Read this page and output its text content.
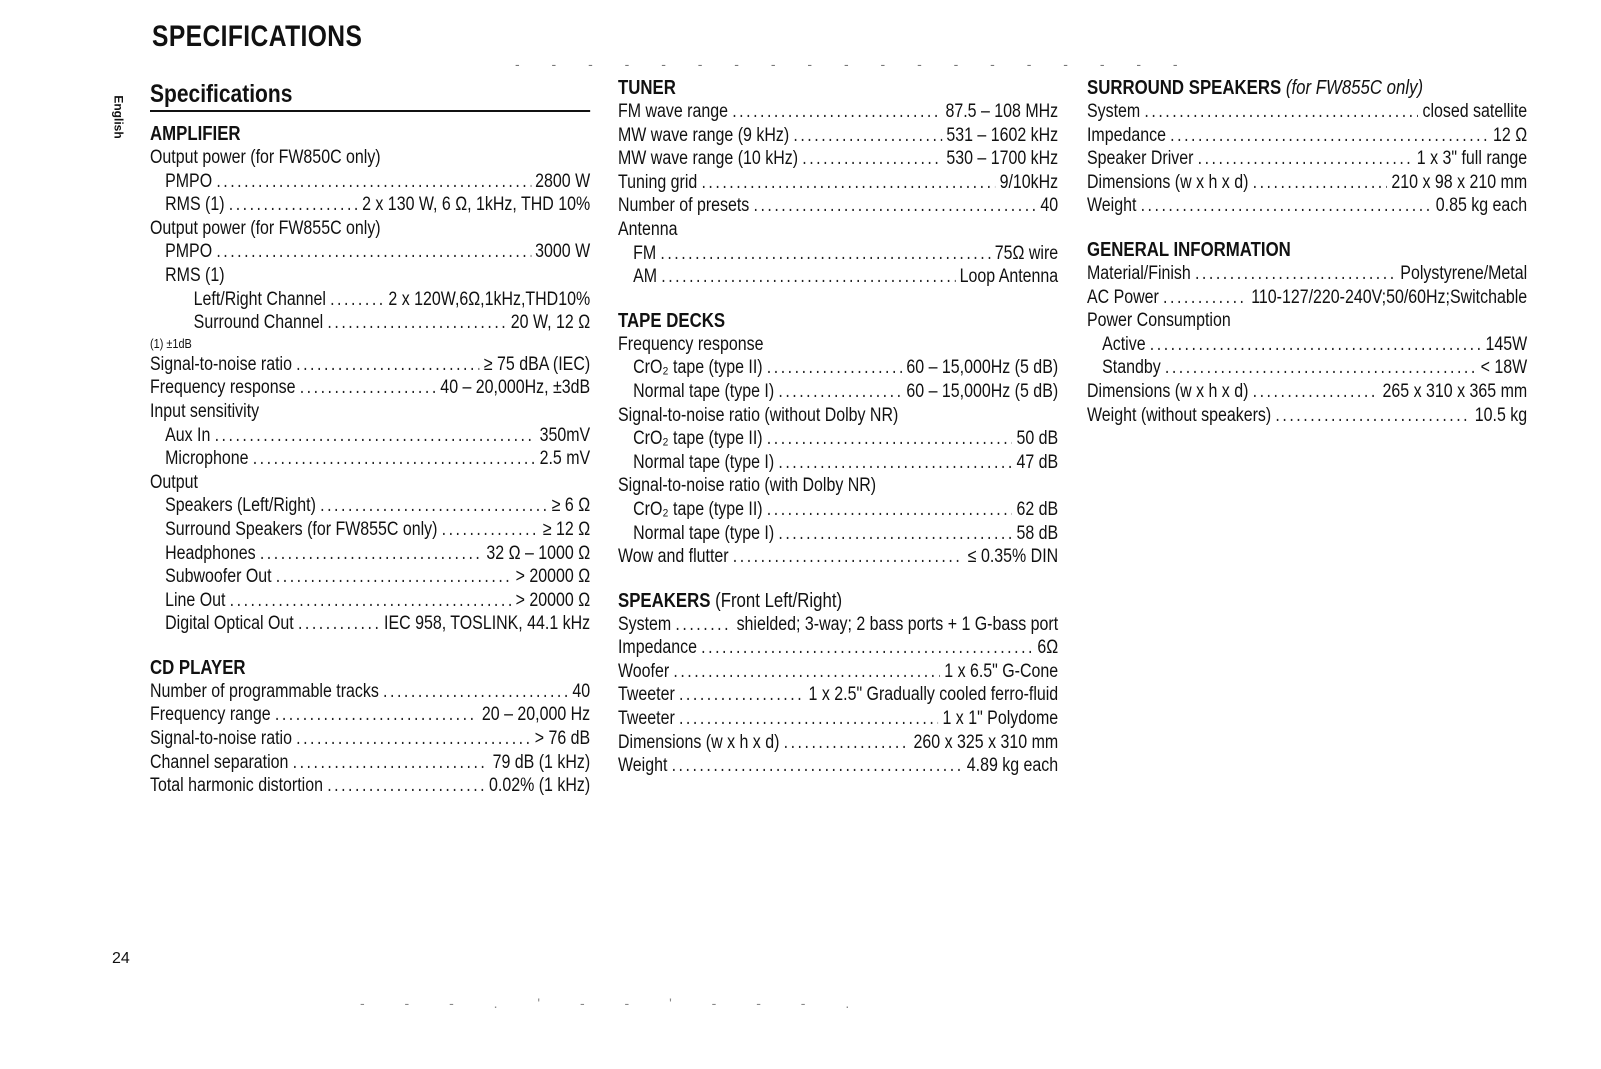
SPECIFICATIONS
- - - - - - - - - - - - - - - - - - -
English
Specifications
AMPLIFIER
Output power (for FW850C only)
PMPO .....	2800 W
RMS (1) .....	2 x 130 W, 6 Ω, 1kHz, THD 10%
Output power (for FW855C only)
PMPO .....	3000 W
RMS (1)
Left/Right Channel .....	2 x 120W,6Ω,1kHz,THD10%
Surround Channel .....	20 W, 12 Ω
(1) ±1dB
Signal-to-noise ratio .....	≥ 75 dBA (IEC)
Frequency response .....	40 – 20,000Hz, ±3dB
Input sensitivity
Aux In .....	350mV
Microphone .....	2.5 mV
Output
Speakers (Left/Right) .....	≥ 6 Ω
Surround Speakers (for FW855C only) .....	≥ 12 Ω
Headphones .....	32 Ω – 1000 Ω
Subwoofer Out .....	> 20000 Ω
Line Out .....	> 20000 Ω
Digital Optical Out .....	IEC 958, TOSLINK, 44.1 kHz
CD PLAYER
Number of programmable tracks .....	40
Frequency range .....	20 – 20,000 Hz
Signal-to-noise ratio .....	> 76 dB
Channel separation .....	79 dB (1 kHz)
Total harmonic distortion .....	0.02% (1 kHz)
TUNER
FM wave range .....	87.5 – 108 MHz
MW wave range (9 kHz) .....	531 – 1602 kHz
MW wave range (10 kHz) .....	530 – 1700 kHz
Tuning grid .....	9/10kHz
Number of presets .....	40
Antenna
FM .....	75Ω wire
AM .....	Loop Antenna
TAPE DECKS
Frequency response
CrO₂ tape (type II) .....	60 – 15,000Hz (5 dB)
Normal tape (type I) .....	60 – 15,000Hz (5 dB)
Signal-to-noise ratio (without Dolby NR)
CrO₂ tape (type II) .....	50 dB
Normal tape (type I) .....	47 dB
Signal-to-noise ratio (with Dolby NR)
CrO₂ tape (type II) .....	62 dB
Normal tape (type I) .....	58 dB
Wow and flutter .....	≤ 0.35% DIN
SPEAKERS (Front Left/Right)
System .....	shielded; 3-way; 2 bass ports + 1 G-bass port
Impedance .....	6Ω
Woofer .....	1 x 6.5" G-Cone
Tweeter .....	1 x 2.5" Gradually cooled ferro-fluid
Tweeter .....	1 x 1" Polydome
Dimensions (w x h x d) .....	260 x 325 x 310 mm
Weight .....	4.89 kg each
SURROUND SPEAKERS (for FW855C only)
System .....	closed satellite
Impedance .....	12 Ω
Speaker Driver .....	1 x 3" full range
Dimensions (w x h x d) .....	210 x 98 x 210 mm
Weight .....	0.85 kg each
GENERAL INFORMATION
Material/Finish .....	Polystyrene/Metal
AC Power .....	110-127/220-240V;50/60Hz;Switchable
Power Consumption
Active .....	145W
Standby .....	< 18W
Dimensions (w x h x d) .....	265 x 310 x 365 mm
Weight (without speakers) .....	10.5 kg
24
- - - . ' - - ' - - - .
